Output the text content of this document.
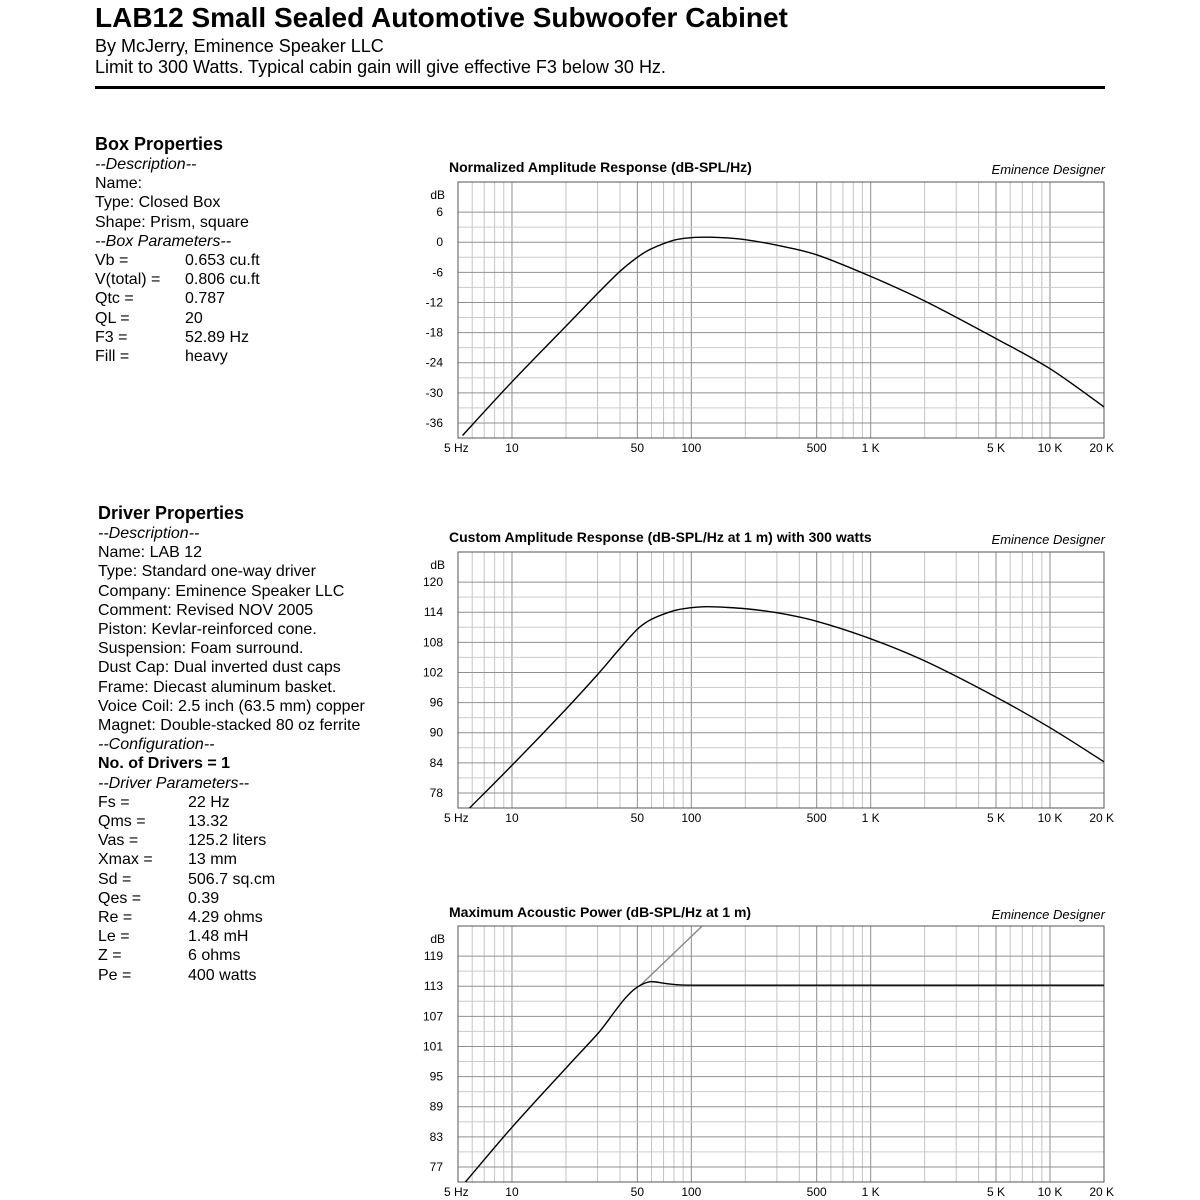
LAB12 Small Sealed Automotive Subwoofer Cabinet
By McJerry, Eminence Speaker LLC
Limit to 300 Watts. Typical cabin gain will give effective F3 below 30 Hz.
Box Properties
--Description--
Name:
Type: Closed Box
Shape: Prism, square
--Box Parameters--
Vb =	0.653 cu.ft
V(total) = 0.806 cu.ft
Qtc =	0.787
QL =	20
F3 =	52.89 Hz
Fill =	heavy
Driver Properties
--Description--
Name: LAB 12
Type: Standard one-way driver
Company: Eminence Speaker LLC
Comment: Revised NOV 2005
Piston: Kevlar-reinforced cone.
Suspension: Foam surround.
Dust Cap: Dual inverted dust caps
Frame: Diecast aluminum basket.
Voice Coil: 2.5 inch (63.5 mm) copper
Magnet: Double-stacked 80 oz ferrite
--Configuration--
No. of Drivers = 1
--Driver Parameters--
Fs =	22 Hz
Qms =	13.32
Vas =	125.2 liters
Xmax = 13 mm
Sd =	506.7 sq.cm
Qes =	0.39
Re =	4.29 ohms
Le =	1.48 mH
Z =	6 ohms
Pe =	400 watts
Normalized Amplitude Response (dB-SPL/Hz)	Eminence Designer
dB
6
0
-6
-12
-18
-24
-30
-36
5 Hz	10	50	100	500	1 K	5 K	10 K 20 K
Custom Amplitude Response (dB-SPL/Hz at 1 m) with 300 watts	Eminence Designer
dB
120
114
108
102
96
90
84
78
5 Hz	10	50	100	500	1 K	5 K	10 K 20 K
Maximum Acoustic Power (dB-SPL/Hz at 1 m)	Eminence Designer
dB
119
113
107
101
95
89
83
77
5 Hz	10	50	100	500	1 K	5 K	10 K 20 K
